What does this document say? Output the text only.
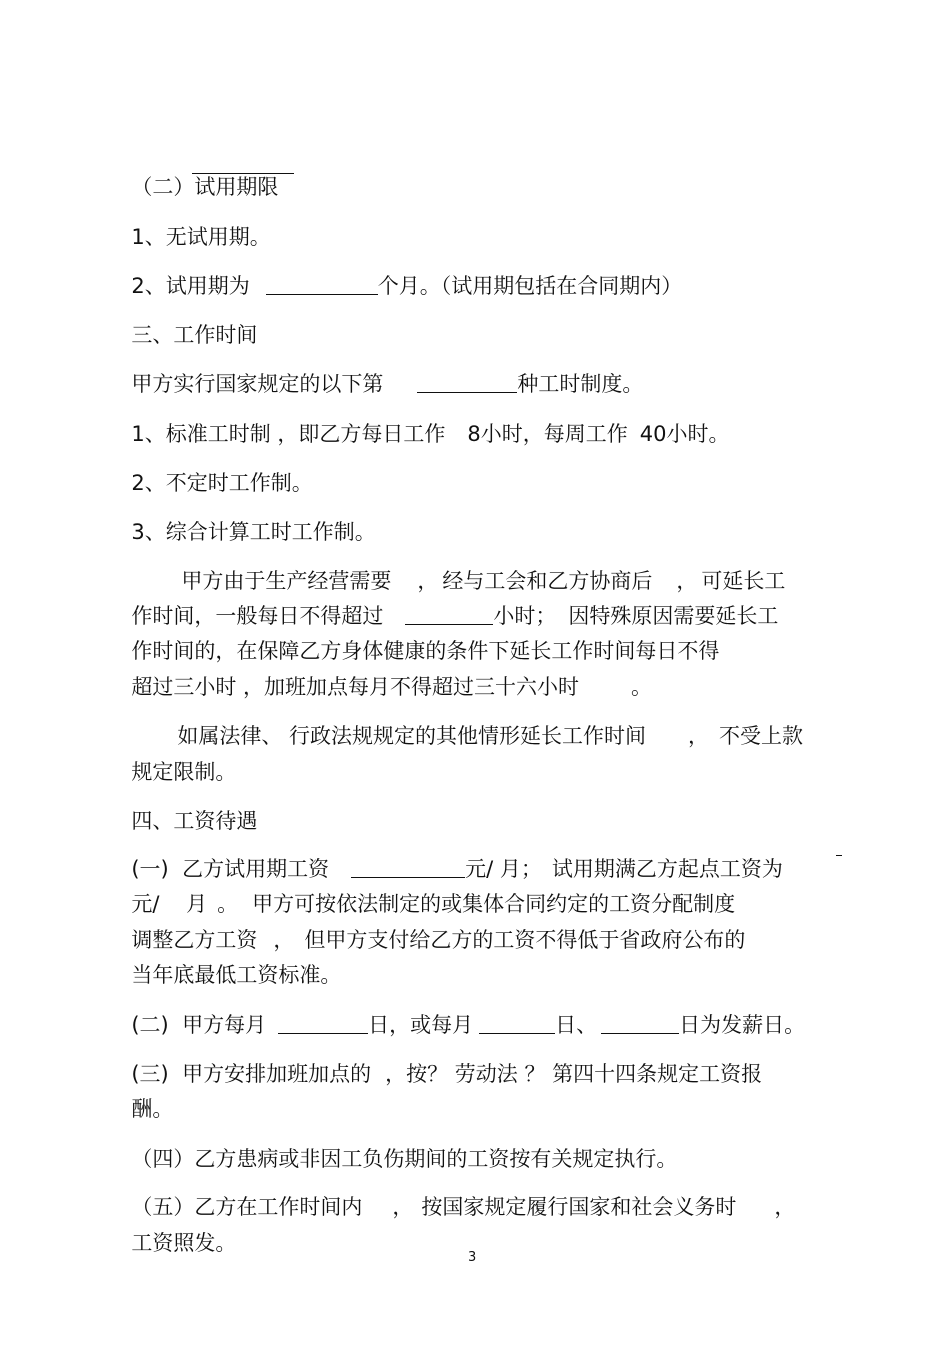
（二）试用期限

1、无试用期。

2、试用期为	个月。（试用期包括在合同期内）

三、工作时间

甲方实行国家规定的以下第	种工时制度。

1、标准工时制 ，即乙方每日工作 8小时，每周工作 40小时。

2、不定时工作制。

3、综合计算工时工作制。

甲方由于生产经营需要 ， 经与工会和乙方协商后 ， 可延长工

作时间，一般每日不得超过	小时； 因特殊原因需要延长工

作时间的，在保障乙方身体健康的条件下延长工作时间每日不得

超过三小时 ，加班加点每月不得超过三十六小时 。

如属法律、 行政法规规定的其他情形延长工作时间 ， 不受上款

规定限制。

四、工资待遇

(一)  乙方试用期工资	元/ 月； 试用期满乙方起点工资为

元/    月 。 甲方可按依法制定的或集体合同约定的工资分配制度

调整乙方工资 ， 但甲方支付给乙方的工资不得低于省政府公布的

当年底最低工资标准。

(二)  甲方每月	日，或每月	日、	日为发薪日。

(三)  甲方安排加班加点的 ，按？ 劳动法 ？ 第四十四条规定工资报

酬。

（四）乙方患病或非因工负伤期间的工资按有关规定执行。

（五）乙方在工作时间内 ， 按国家规定履行国家和社会义务时 ，

工资照发。

3
